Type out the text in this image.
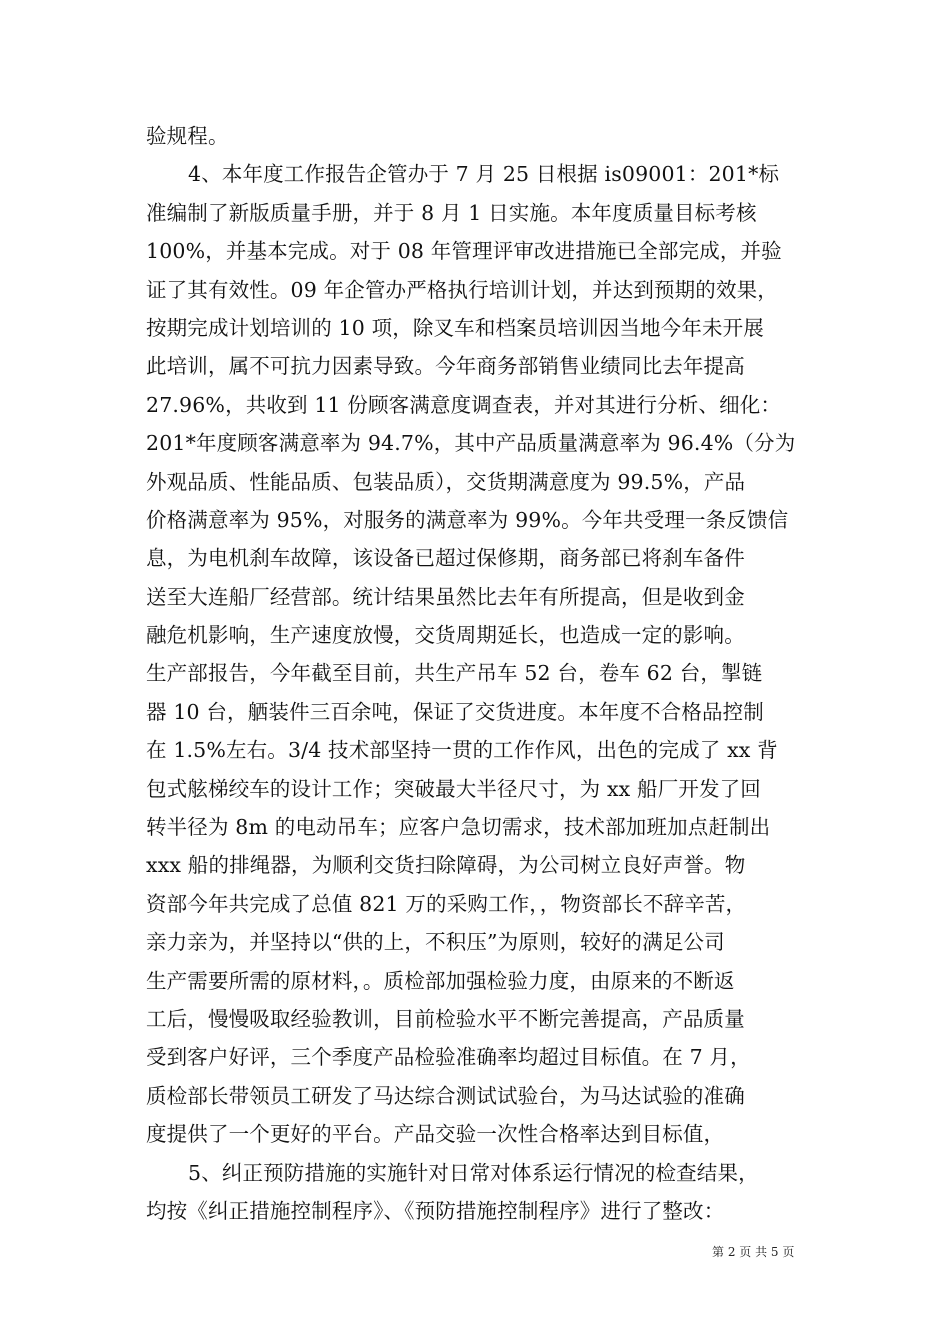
验规程。
4、本年度工作报告企管办于 7 月 25 日根据 is09001：201*标
准编制了新版质量手册，并于 8 月 1 日实施。本年度质量目标考核
100%，并基本完成。对于 08 年管理评审改进措施已全部完成，并验
证了其有效性。09 年企管办严格执行培训计划，并达到预期的效果，
按期完成计划培训的 10 项，除叉车和档案员培训因当地今年未开展
此培训，属不可抗力因素导致。今年商务部销售业绩同比去年提高
27.96%，共收到 11 份顾客满意度调查表，并对其进行分析、细化：
201*年度顾客满意率为 94.7%，其中产品质量满意率为 96.4%（分为
外观品质、性能品质、包装品质），交货期满意度为 99.5%，产品
价格满意率为 95%，对服务的满意率为 99%。今年共受理一条反馈信
息，为电机刹车故障，该设备已超过保修期，商务部已将刹车备件
送至大连船厂经营部。统计结果虽然比去年有所提高，但是收到金
融危机影响，生产速度放慢，交货周期延长，也造成一定的影响。
生产部报告，今年截至目前，共生产吊车 52 台，卷车 62 台，掣链
器 10 台，舾装件三百余吨，保证了交货进度。本年度不合格品控制
在 1.5%左右。3/4 技术部坚持一贯的工作作风，出色的完成了 xx 背
包式舷梯绞车的设计工作；突破最大半径尺寸，为 xx 船厂开发了回
转半径为 8m 的电动吊车；应客户急切需求，技术部加班加点赶制出
xxx 船的排绳器，为顺利交货扫除障碍，为公司树立良好声誉。物
资部今年共完成了总值 821 万的采购工作，，物资部长不辞辛苦，
亲力亲为，并坚持以“供的上，不积压”为原则，较好的满足公司
生产需要所需的原材料，。质检部加强检验力度，由原来的不断返
工后，慢慢吸取经验教训，目前检验水平不断完善提高，产品质量
受到客户好评，三个季度产品检验准确率均超过目标值。在 7 月，
质检部长带领员工研发了马达综合测试试验台，为马达试验的准确
度提供了一个更好的平台。产品交验一次性合格率达到目标值，
5、纠正预防措施的实施针对日常对体系运行情况的检查结果，
均按《纠正措施控制程序》、《预防措施控制程序》进行了整改：
第 2 页 共 5 页
